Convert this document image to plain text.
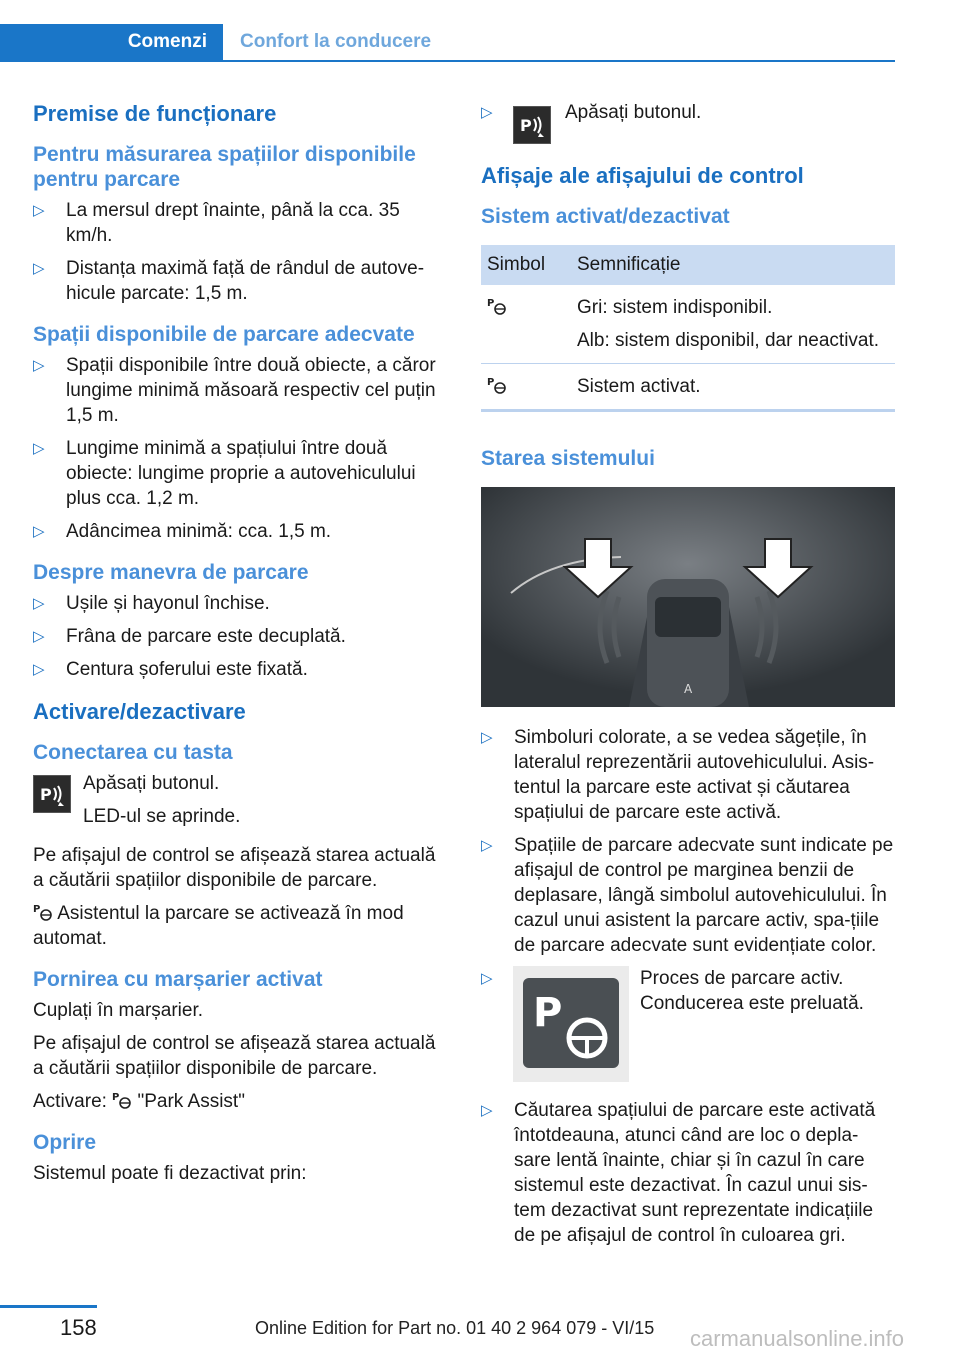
Comenzi	Confort la conducere
Premise de funcționare
Pentru măsurarea spațiilor disponibile pentru parcare
▷ La mersul drept înainte, până la cca. 35 km/h.
▷ Distanța maximă față de rândul de autove‐hicule parcate: 1,5 m.
Spații disponibile de parcare adecvate
▷ Spații disponibile între două obiecte, a căror lungime minimă măsoară respectiv cel puțin 1,5 m.
▷ Lungime minimă a spațiului între două obiecte: lungime proprie a autovehiculului plus cca. 1,2 m.
▷ Adâncimea minimă: cca. 1,5 m.
Despre manevra de parcare
▷ Ușile și hayonul închise.
▷ Frâna de parcare este decuplată.
▷ Centura șoferului este fixată.
Activare/dezactivare
Conectarea cu tasta
P
Apăsați butonul.
LED-ul se aprinde.
Pe afișajul de control se afișează starea actuală a căutării spațiilor disponibile de parcare.
P Asistentul la parcare se activează în mod automat.
Pornirea cu marșarier activat
Cuplați în marșarier.
Pe afișajul de control se afișează starea actuală a căutării spațiilor disponibile de parcare.
Activare: P "Park Assist"
Oprire
Sistemul poate fi dezactivat prin:
▷
P
Apăsați butonul.
Afișaje ale afișajului de control
Sistem activat/dezactivat
Simbol	Semnificație

P	Gri: sistem indisponibil.
Alb: sistem disponibil, dar neactivat.

P	Sistem activat.
Starea sistemului
A
▷ Simboluri colorate, a se vedea săgețile, în lateralul reprezentării autovehiculului. Asis‐tentul la parcare este activat și căutarea spațiului de parcare este activă.
▷ Spațiile de parcare adecvate sunt indicate pe afișajul de control pe marginea benzii de deplasare, lângă simbolul autovehiculului. În cazul unui asistent la parcare activ, spa‐țiile de parcare adecvate sunt evidențiate color.
▷
P
Proces de parcare activ.
Conducerea este preluată.
▷ Căutarea spațiului de parcare este activată întotdeauna, atunci când are loc o depla‐sare lentă înainte, chiar și în cazul în care sistemul este dezactivat. În cazul unui sis‐tem dezactivat sunt reprezentate indicațiile de pe afișajul de control în culoarea gri.
158	Online Edition for Part no. 01 40 2 964 079 - VI/15 carmanualsonline.info
